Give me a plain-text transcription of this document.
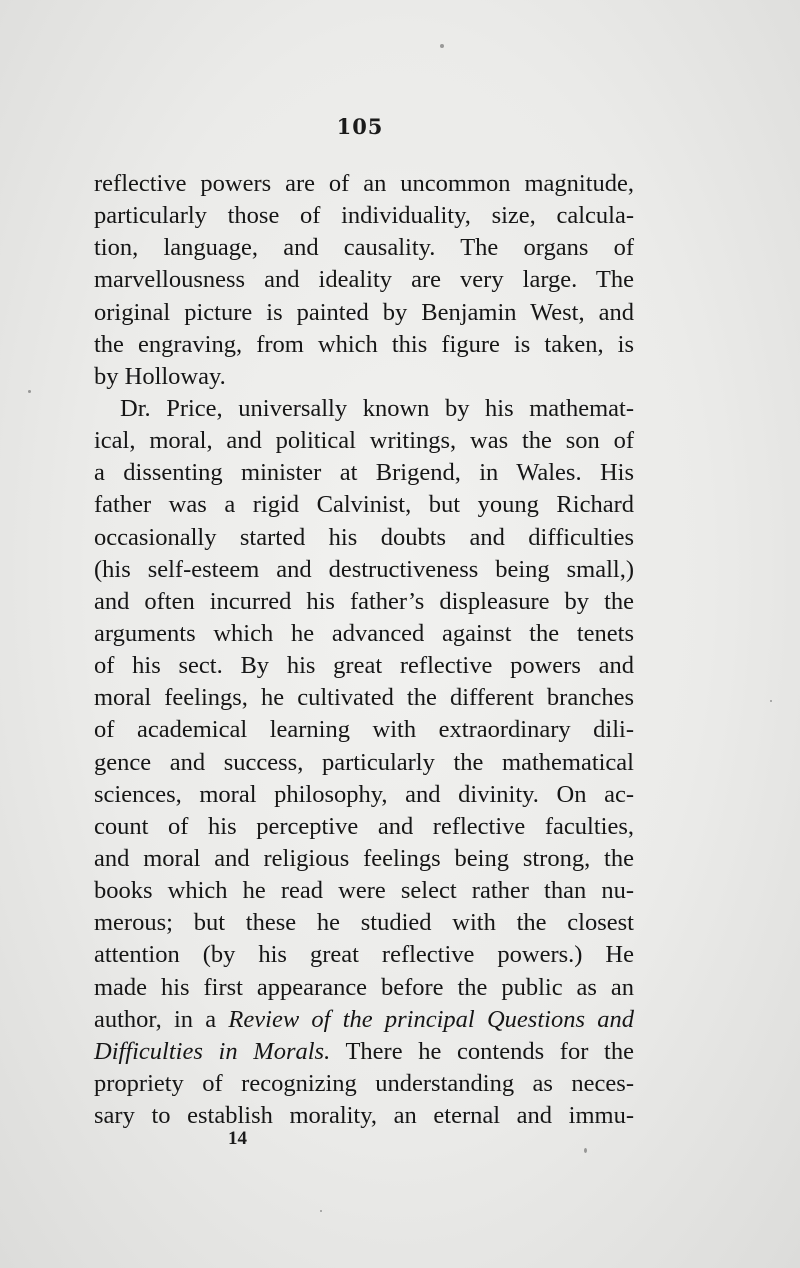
105
reflective powers are of an uncommon magnitude,
particularly those of individuality, size, calcula-
tion, language, and causality. The organs of
marvellousness and ideality are very large. The
original picture is painted by Benjamin West, and
the engraving, from which this figure is taken, is
by Holloway.
Dr. Price, universally known by his mathemat-
ical, moral, and political writings, was the son of
a dissenting minister at Brigend, in Wales. His
father was a rigid Calvinist, but young Richard
occasionally started his doubts and difficulties
(his self-esteem and destructiveness being small,)
and often incurred his father’s displeasure by the
arguments which he advanced against the tenets
of his sect. By his great reflective powers and
moral feelings, he cultivated the different branches
of academical learning with extraordinary dili-
gence and success, particularly the mathematical
sciences, moral philosophy, and divinity. On ac-
count of his perceptive and reflective faculties,
and moral and religious feelings being strong, the
books which he read were select rather than nu-
merous; but these he studied with the closest
attention (by his great reflective powers.) He
made his first appearance before the public as an
author, in a Review of the principal Questions and
Difficulties in Morals. There he contends for the
propriety of recognizing understanding as neces-
sary to establish morality, an eternal and immu-
14
